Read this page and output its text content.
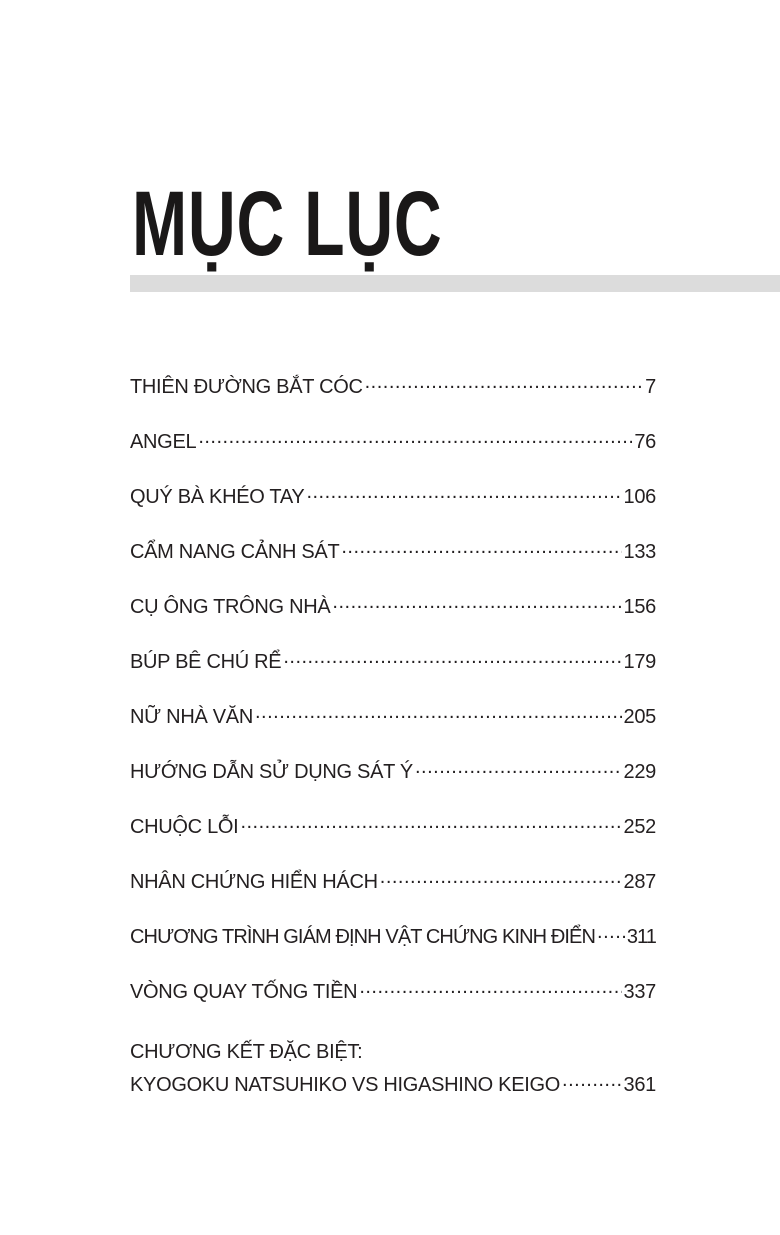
MỤC LỤC
THIÊN ĐƯỜNG BẮT CÓC .....	7
ANGEL .....	76
QUÝ BÀ KHÉO TAY .....	106
CẨM NANG CẢNH SÁT .....	133
CỤ ÔNG TRÔNG NHÀ .....	156
BÚP BÊ CHÚ RỂ .....	179
NỮ NHÀ VĂN .....	205
HƯỚNG DẪN SỬ DỤNG SÁT Ý .....	229
CHUỘC LỖI .....	252
NHÂN CHỨNG HIỂN HÁCH .....	287
CHƯƠNG TRÌNH GIÁM ĐỊNH VẬT CHỨNG KINH ĐIỂN ..... 311
VÒNG QUAY TỐNG TIỀN .....	337
CHƯƠNG KẾT ĐẶC BIỆT:
KYOGOKU NATSUHIKO VS HIGASHINO KEIGO .....	361
